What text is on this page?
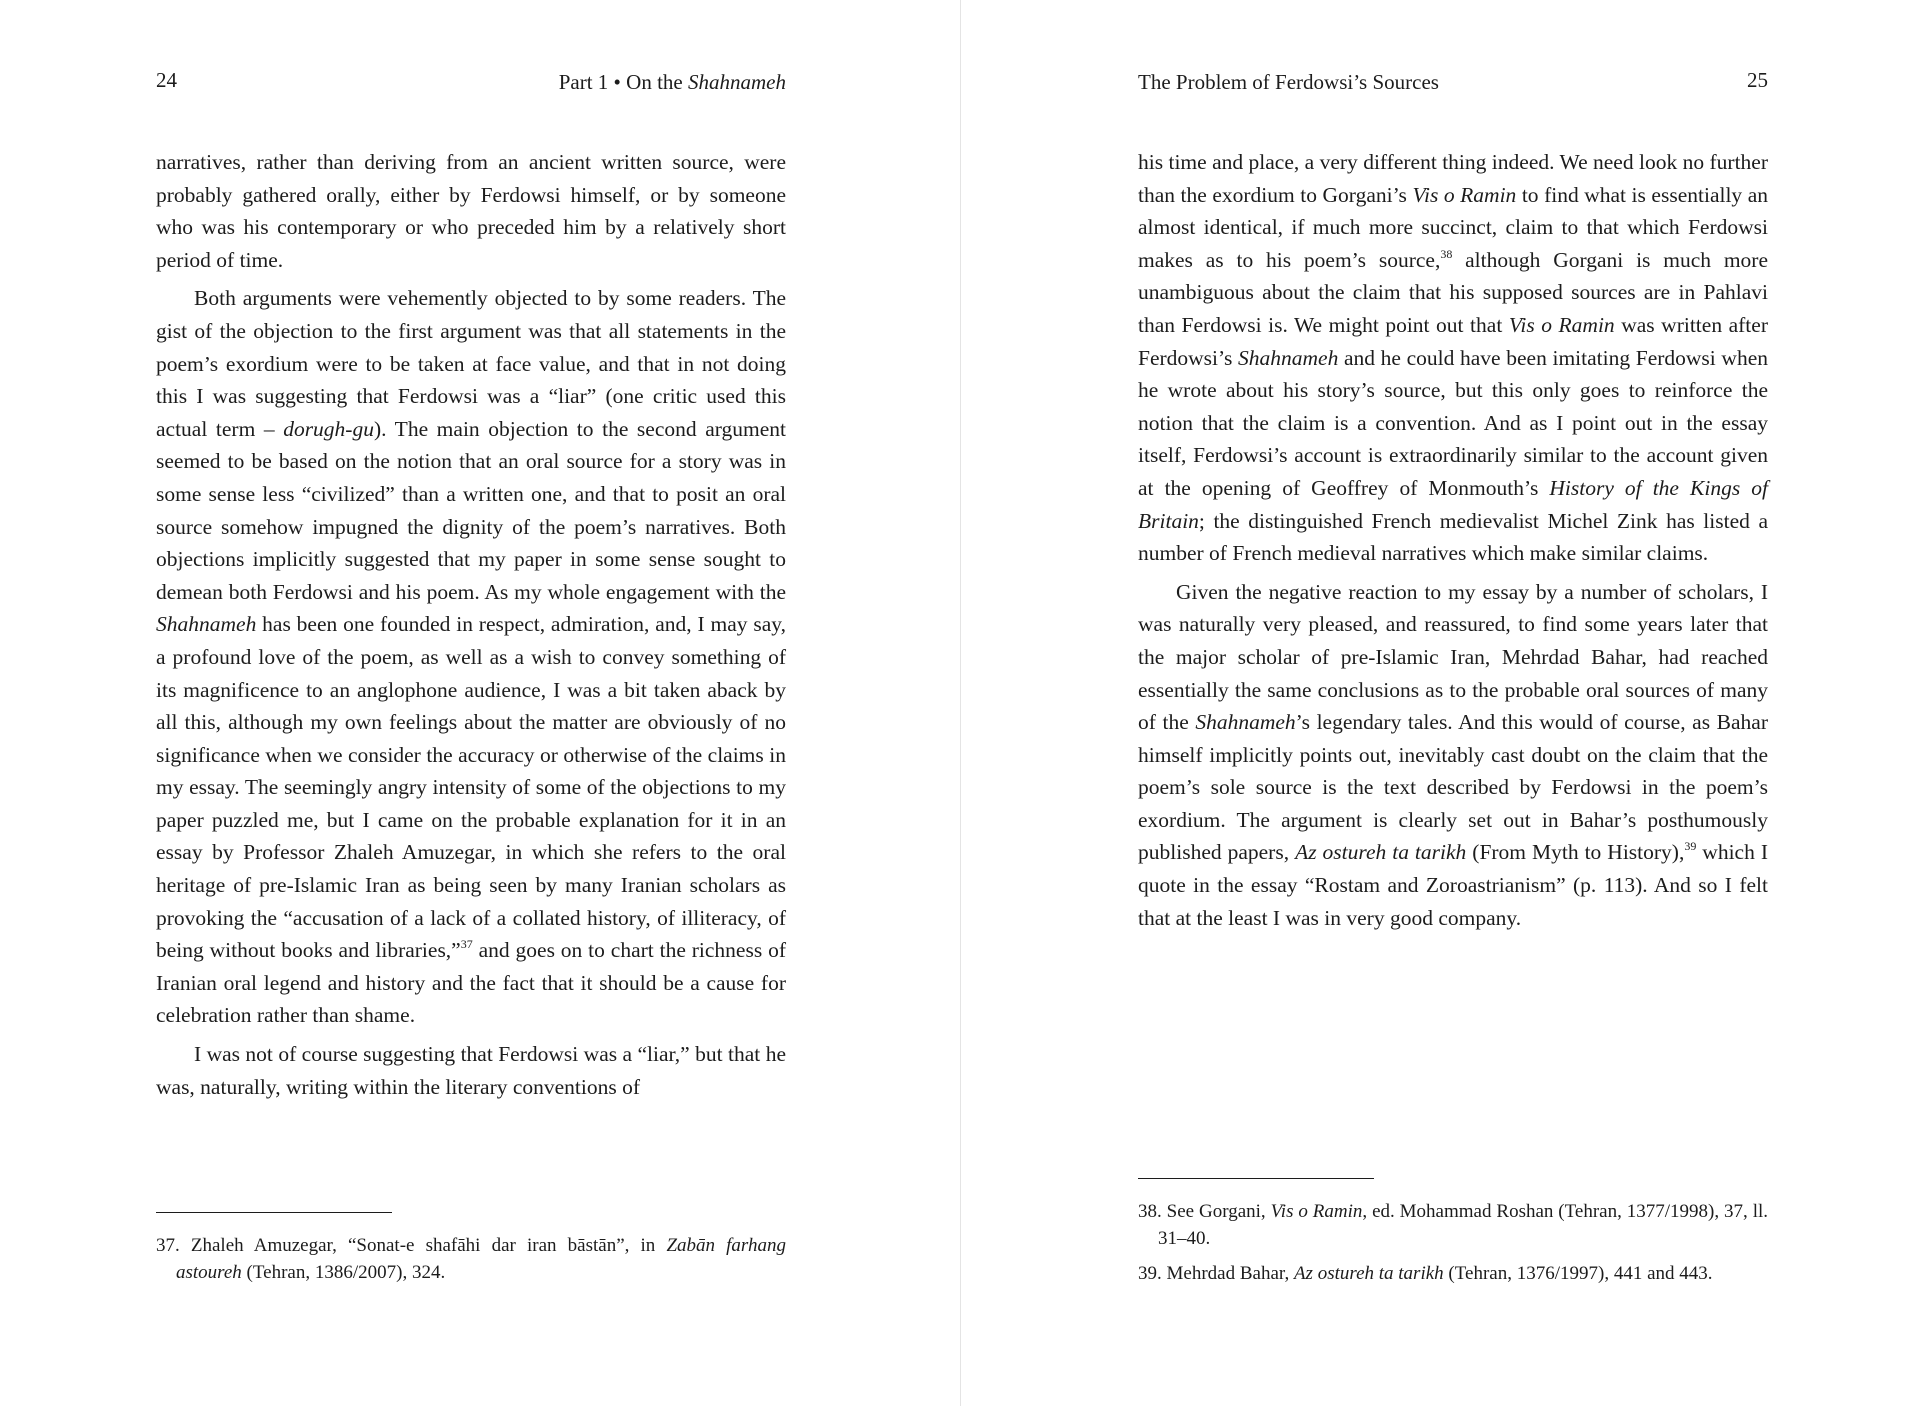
24	Part 1 • On the Shahnameh

narratives, rather than deriving from an ancient written source, were probably gathered orally, either by Ferdowsi himself, or by someone who was his contemporary or who preceded him by a relatively short period of time.

Both arguments were vehemently objected to by some readers. The gist of the objection to the first argument was that all statements in the poem’s exordium were to be taken at face value, and that in not doing this I was suggesting that Ferdowsi was a “liar” (one critic used this actual term – dorugh-gu). The main objection to the second argument seemed to be based on the notion that an oral source for a story was in some sense less “civilized” than a written one, and that to posit an oral source somehow impugned the dignity of the poem’s narratives. Both objections implicitly suggested that my paper in some sense sought to demean both Ferdowsi and his poem. As my whole engagement with the Shahnameh has been one founded in respect, admiration, and, I may say, a profound love of the poem, as well as a wish to convey something of its magnificence to an anglophone audience, I was a bit taken aback by all this, although my own feelings about the matter are obviously of no significance when we consider the accuracy or otherwise of the claims in my essay. The seemingly angry intensity of some of the objections to my paper puzzled me, but I came on the probable explanation for it in an essay by Professor Zhaleh Amuzegar, in which she refers to the oral heritage of pre-Islamic Iran as being seen by many Iranian scholars as provoking the “accusation of a lack of a collated history, of illiteracy, of being without books and libraries,”$^{37}$ and goes on to chart the richness of Iranian oral legend and history and the fact that it should be a cause for celebration rather than shame.

I was not of course suggesting that Ferdowsi was a “liar,” but that he was, naturally, writing within the literary conventions of

37. Zhaleh Amuzegar, “Sonat-e shafāhi dar iran bāstān”, in Zabān farhang astoureh (Tehran, 1386/2007), 324.

The Problem of Ferdowsi’s Sources	25

his time and place, a very different thing indeed. We need look no further than the exordium to Gorgani’s Vis o Ramin to find what is essentially an almost identical, if much more succinct, claim to that which Ferdowsi makes as to his poem’s source,$^{38}$ although Gorgani is much more unambiguous about the claim that his supposed sources are in Pahlavi than Ferdowsi is. We might point out that Vis o Ramin was written after Ferdowsi’s Shahnameh and he could have been imitating Ferdowsi when he wrote about his story’s source, but this only goes to reinforce the notion that the claim is a convention. And as I point out in the essay itself, Ferdowsi’s account is extraordinarily similar to the account given at the opening of Geoffrey of Monmouth’s History of the Kings of Britain; the distinguished French medievalist Michel Zink has listed a number of French medieval narratives which make similar claims.

Given the negative reaction to my essay by a number of scholars, I was naturally very pleased, and reassured, to find some years later that the major scholar of pre-Islamic Iran, Mehrdad Bahar, had reached essentially the same conclusions as to the probable oral sources of many of the Shahnameh’s legendary tales. And this would of course, as Bahar himself implicitly points out, inevitably cast doubt on the claim that the poem’s sole source is the text described by Ferdowsi in the poem’s exordium. The argument is clearly set out in Bahar’s posthumously published papers, Az ostureh ta tarikh (From Myth to History),$^{39}$ which I quote in the essay “Rostam and Zoroastrianism” (p. 113). And so I felt that at the least I was in very good company.

38. See Gorgani, Vis o Ramin, ed. Mohammad Roshan (Tehran, 1377/1998), 37, ll. 31–40.

39. Mehrdad Bahar, Az ostureh ta tarikh (Tehran, 1376/1997), 441 and 443.
